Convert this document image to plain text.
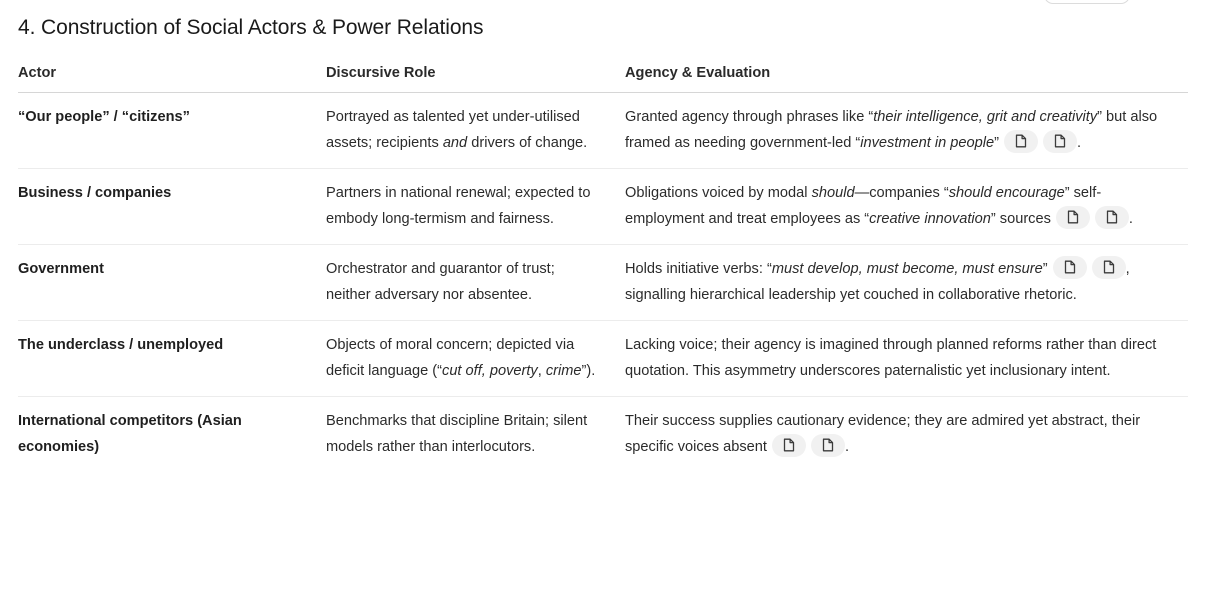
4. Construction of Social Actors & Power Relations
Actor	Discursive Role	Agency & Evaluation
“Our people” / “citizens”	Portrayed as talented yet under-utilised assets; recipients and drivers of change.	Granted agency through phrases like “their intelligence, grit and creativity” but also framed as needing government-led “investment in people” .
Business / companies	Partners in national renewal; expected to embody long-termism and fairness.	Obligations voiced by modal should—companies “should encourage” self-employment and treat employees as “creative innovation” sources .
Government	Orchestrator and guarantor of trust; neither adversary nor absentee.	Holds initiative verbs: “must develop, must become, must ensure” , signalling hierarchical leadership yet couched in collaborative rhetoric.
The underclass / unemployed	Objects of moral concern; depicted via deficit language (“cut off, poverty, crime”).	Lacking voice; their agency is imagined through planned reforms rather than direct quotation. This asymmetry underscores paternalistic yet inclusionary intent.
International competitors (Asian economies)	Benchmarks that discipline Britain; silent models rather than interlocutors.	Their success supplies cautionary evidence; they are admired yet abstract, their specific voices absent .
